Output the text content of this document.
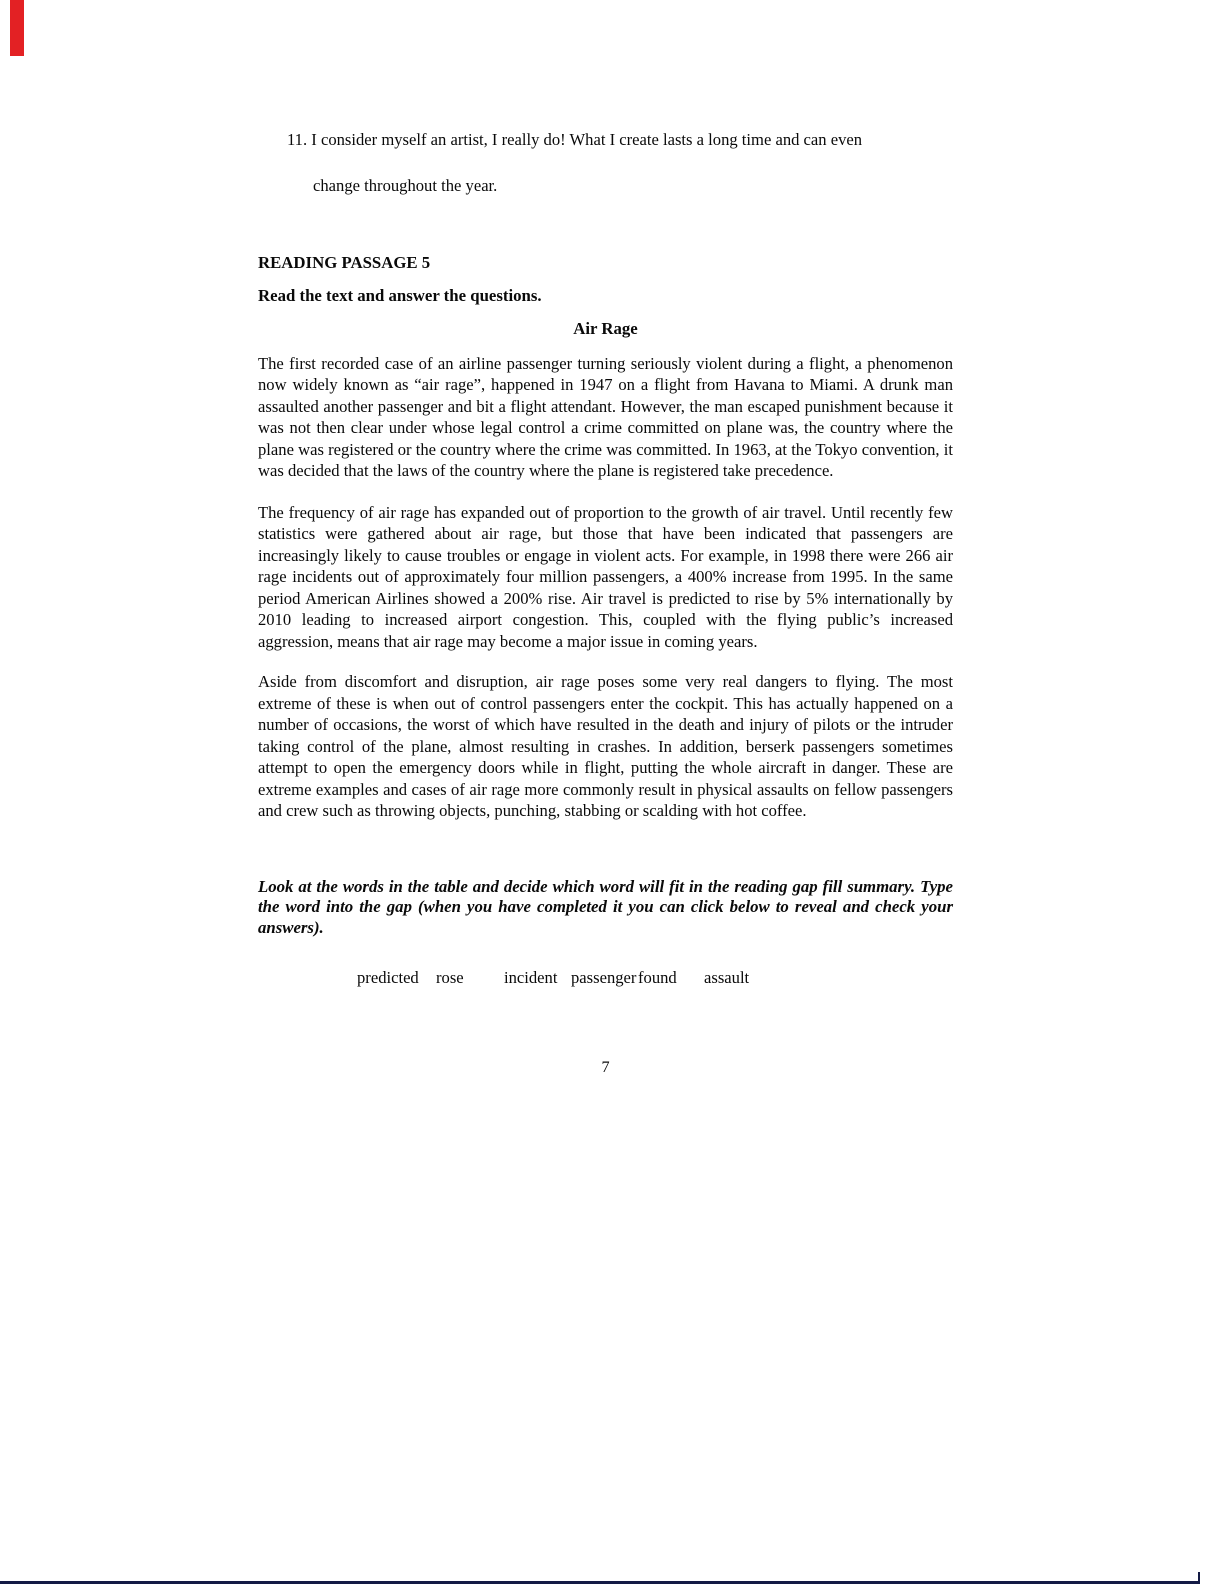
11. I consider myself an artist, I really do! What I create lasts a long time and can even
change throughout the year.
READING PASSAGE 5
Read the text and answer the questions.
Air Rage

The first recorded case of an airline passenger turning seriously violent during a flight, a phenomenon now widely known as “air rage”, happened in 1947 on a flight from Havana to Miami. A drunk man assaulted another passenger and bit a flight attendant. However, the man escaped punishment because it was not then clear under whose legal control a crime committed on plane was, the country where the plane was registered or the country where the crime was committed. In 1963, at the Tokyo convention, it was decided that the laws of the country where the plane is registered take precedence.

The frequency of air rage has expanded out of proportion to the growth of air travel. Until recently few statistics were gathered about air rage, but those that have been indicated that passengers are increasingly likely to cause troubles or engage in violent acts. For example, in 1998 there were 266 air rage incidents out of approximately four million passengers, a 400% increase from 1995. In the same period American Airlines showed a 200% rise. Air travel is predicted to rise by 5% internationally by 2010 leading to increased airport congestion. This, coupled with the flying public’s increased aggression, means that air rage may become a major issue in coming years.

Aside from discomfort and disruption, air rage poses some very real dangers to flying. The most extreme of these is when out of control passengers enter the cockpit. This has actually happened on a number of occasions, the worst of which have resulted in the death and injury of pilots or the intruder taking control of the plane, almost resulting in crashes. In addition, berserk passengers sometimes attempt to open the emergency doors while in flight, putting the whole aircraft in danger. These are extreme examples and cases of air rage more commonly result in physical assaults on fellow passengers and crew such as throwing objects, punching, stabbing or scalding with hot coffee.

Look at the words in the table and decide which word will fit in the reading gap fill summary. Type the word into the gap (when you have completed it you can click below to reveal and check your answers).
predicted rose incident passenger found assault
7
